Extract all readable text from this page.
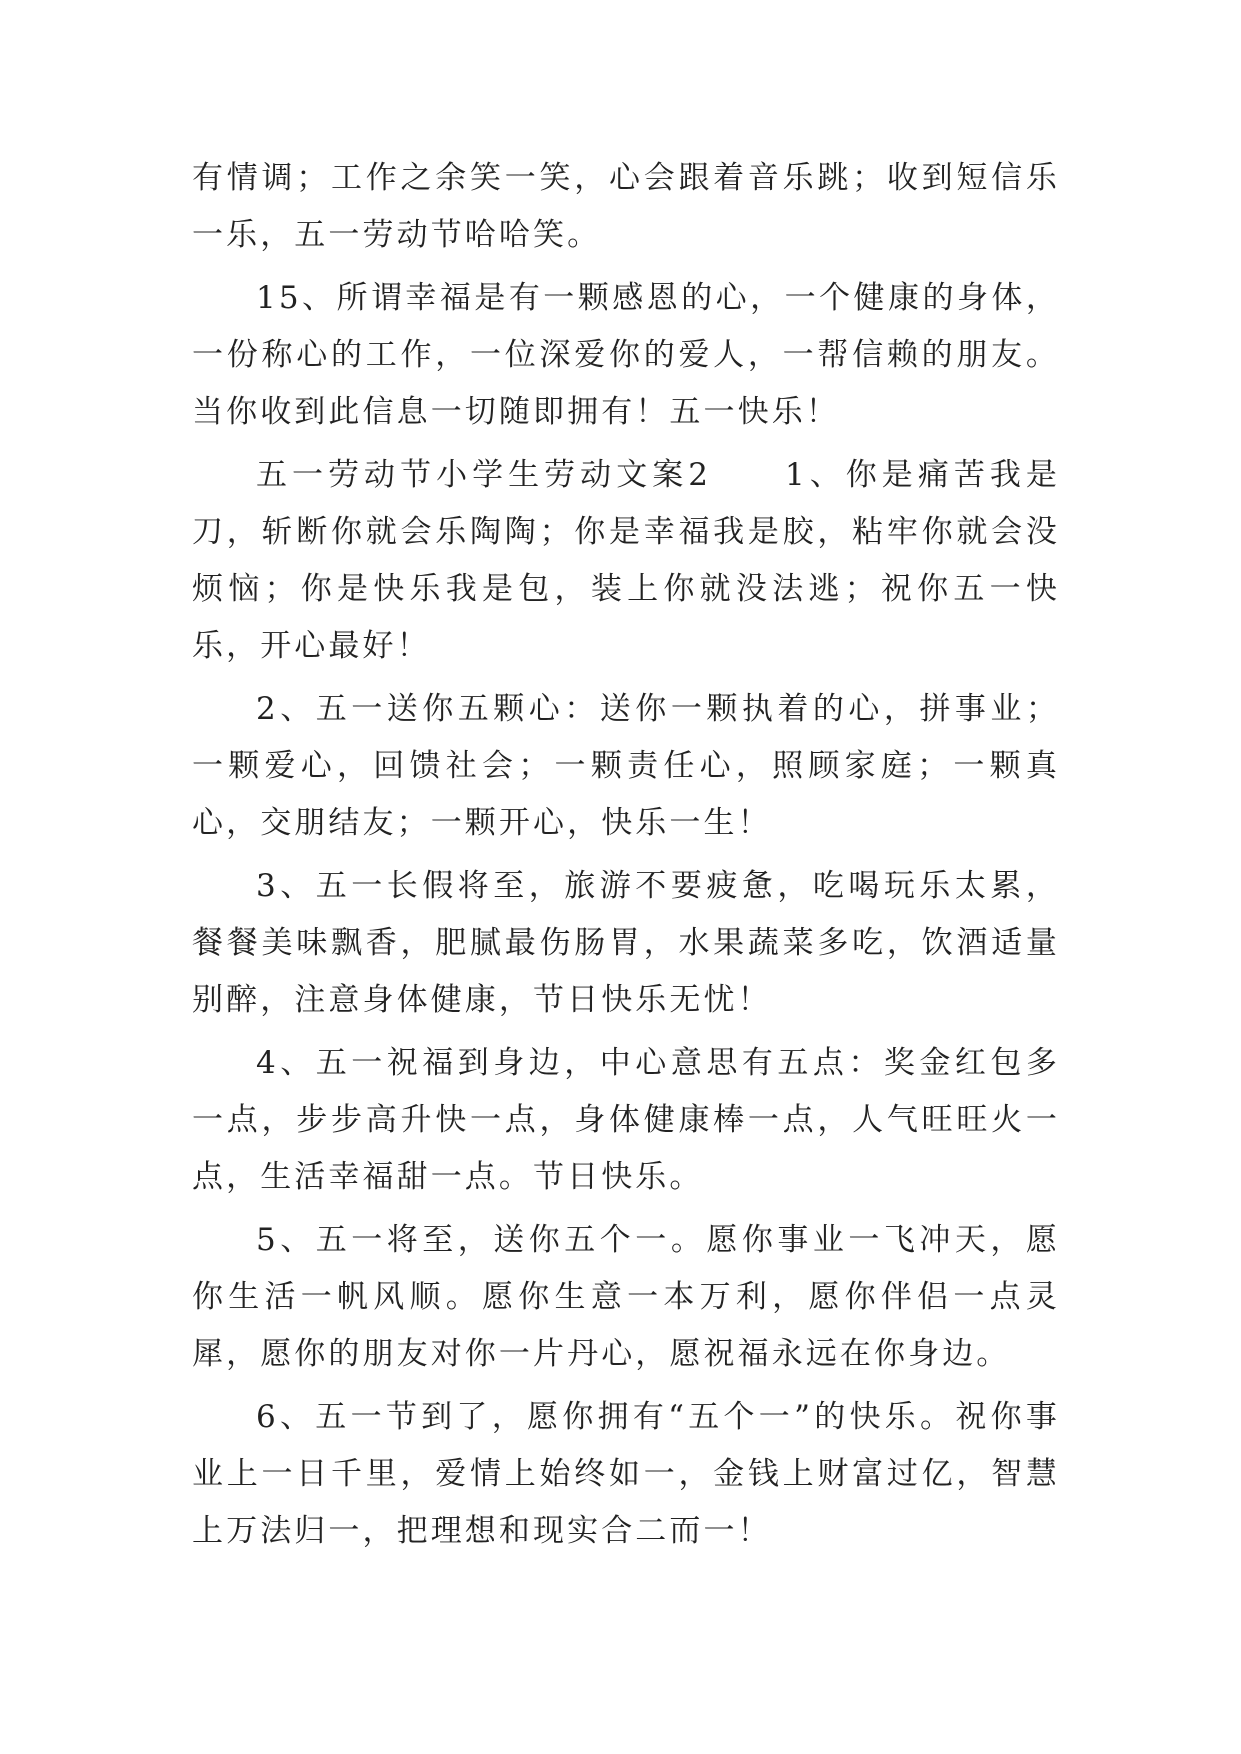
有情调；工作之余笑一笑，心会跟着音乐跳；收到短信乐一乐，五一劳动节哈哈笑。

15、所谓幸福是有一颗感恩的心，一个健康的身体，一份称心的工作，一位深爱你的爱人，一帮信赖的朋友。当你收到此信息一切随即拥有！五一快乐！

五一劳动节小学生劳动文案2　　1、你是痛苦我是刀，斩断你就会乐陶陶；你是幸福我是胶，粘牢你就会没烦恼；你是快乐我是包，装上你就没法逃；祝你五一快乐，开心最好！

2、五一送你五颗心：送你一颗执着的心，拼事业；一颗爱心，回馈社会；一颗责任心，照顾家庭；一颗真心，交朋结友；一颗开心，快乐一生！

3、五一长假将至，旅游不要疲惫，吃喝玩乐太累，餐餐美味飘香，肥腻最伤肠胃，水果蔬菜多吃，饮酒适量别醉，注意身体健康，节日快乐无忧！

4、五一祝福到身边，中心意思有五点：奖金红包多一点，步步高升快一点，身体健康棒一点，人气旺旺火一点，生活幸福甜一点。节日快乐。

5、五一将至，送你五个一。愿你事业一飞冲天，愿你生活一帆风顺。愿你生意一本万利，愿你伴侣一点灵犀，愿你的朋友对你一片丹心，愿祝福永远在你身边。

6、五一节到了，愿你拥有“五个一”的快乐。祝你事业上一日千里，爱情上始终如一，金钱上财富过亿，智慧上万法归一，把理想和现实合二而一！
